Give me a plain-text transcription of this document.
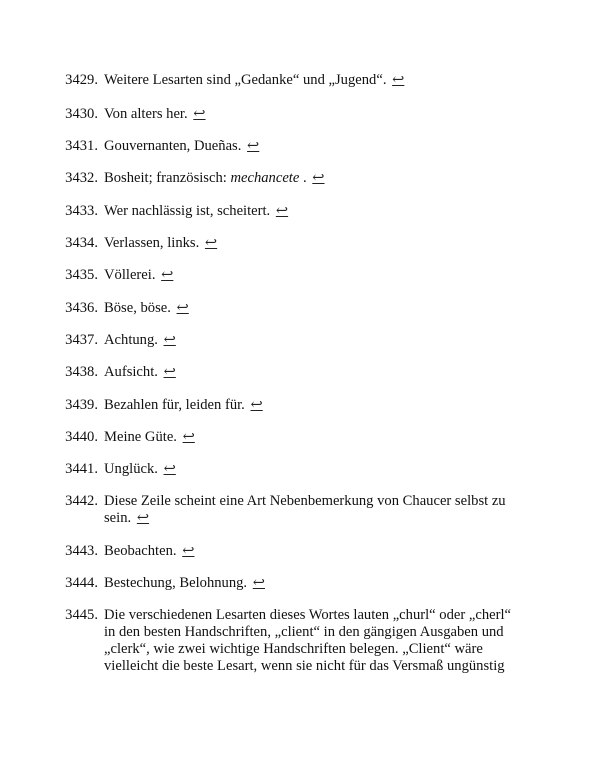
3429. Weitere Lesarten sind „Gedanke“ und „Jugend“. ↩
3430. Von alters her. ↩
3431. Gouvernanten, Dueñas. ↩
3432. Bosheit; französisch: mechancete . ↩
3433. Wer nachlässig ist, scheitert. ↩
3434. Verlassen, links. ↩
3435. Völlerei. ↩
3436. Böse, böse. ↩
3437. Achtung. ↩
3438. Aufsicht. ↩
3439. Bezahlen für, leiden für. ↩
3440. Meine Güte. ↩
3441. Unglück. ↩
3442. Diese Zeile scheint eine Art Nebenbemerkung von Chaucer selbst zu sein. ↩
3443. Beobachten. ↩
3444. Bestechung, Belohnung. ↩
3445. Die verschiedenen Lesarten dieses Wortes lauten „churl“ oder „cherl“ in den besten Handschriften, „client“ in den gängigen Ausgaben und „clerk“, wie zwei wichtige Handschriften belegen. „Client“ wäre vielleicht die beste Lesart, wenn sie nicht für das Versmaß ungünstig
